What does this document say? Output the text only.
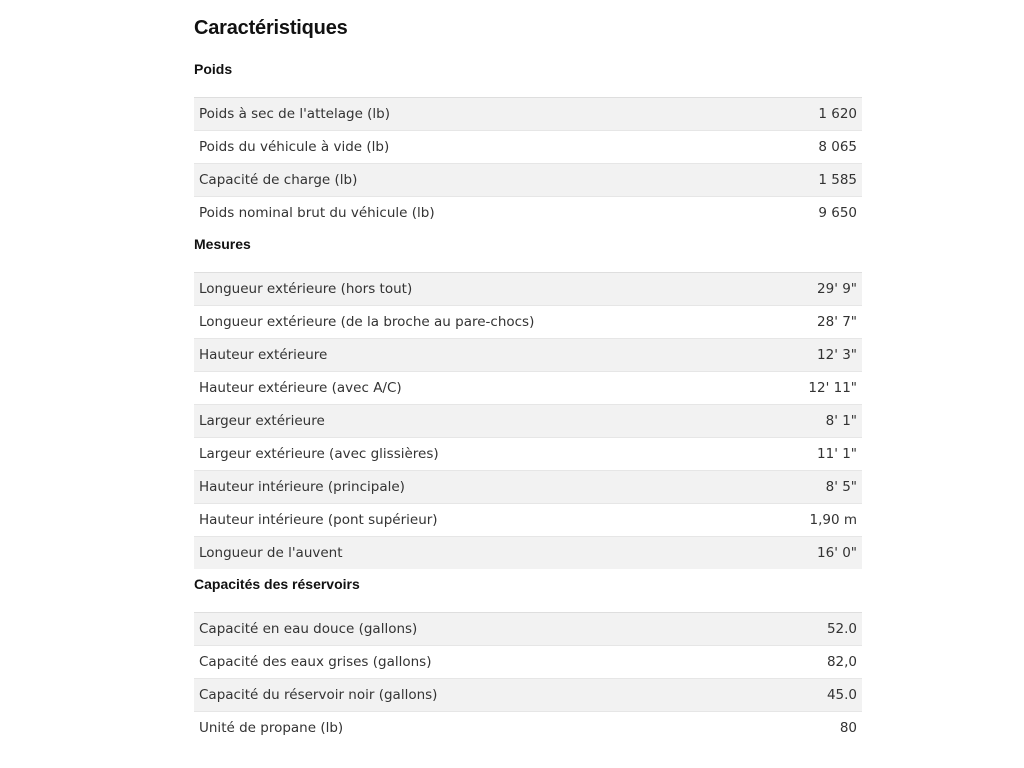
Caractéristiques
Poids
Poids à sec de l'attelage (lb)	1 620
Poids du véhicule à vide (lb)	8 065
Capacité de charge (lb)	1 585
Poids nominal brut du véhicule (lb)	9 650
Mesures
Longueur extérieure (hors tout)	29' 9"
Longueur extérieure (de la broche au pare-chocs)	28' 7"
Hauteur extérieure	12' 3"
Hauteur extérieure (avec A/C)	12' 11"
Largeur extérieure	8' 1"
Largeur extérieure (avec glissières)	11' 1"
Hauteur intérieure (principale)	8' 5"
Hauteur intérieure (pont supérieur)	1,90 m
Longueur de l'auvent	16' 0"
Capacités des réservoirs
Capacité en eau douce (gallons)	52.0
Capacité des eaux grises (gallons)	82,0
Capacité du réservoir noir (gallons)	45.0
Unité de propane (lb)	80
